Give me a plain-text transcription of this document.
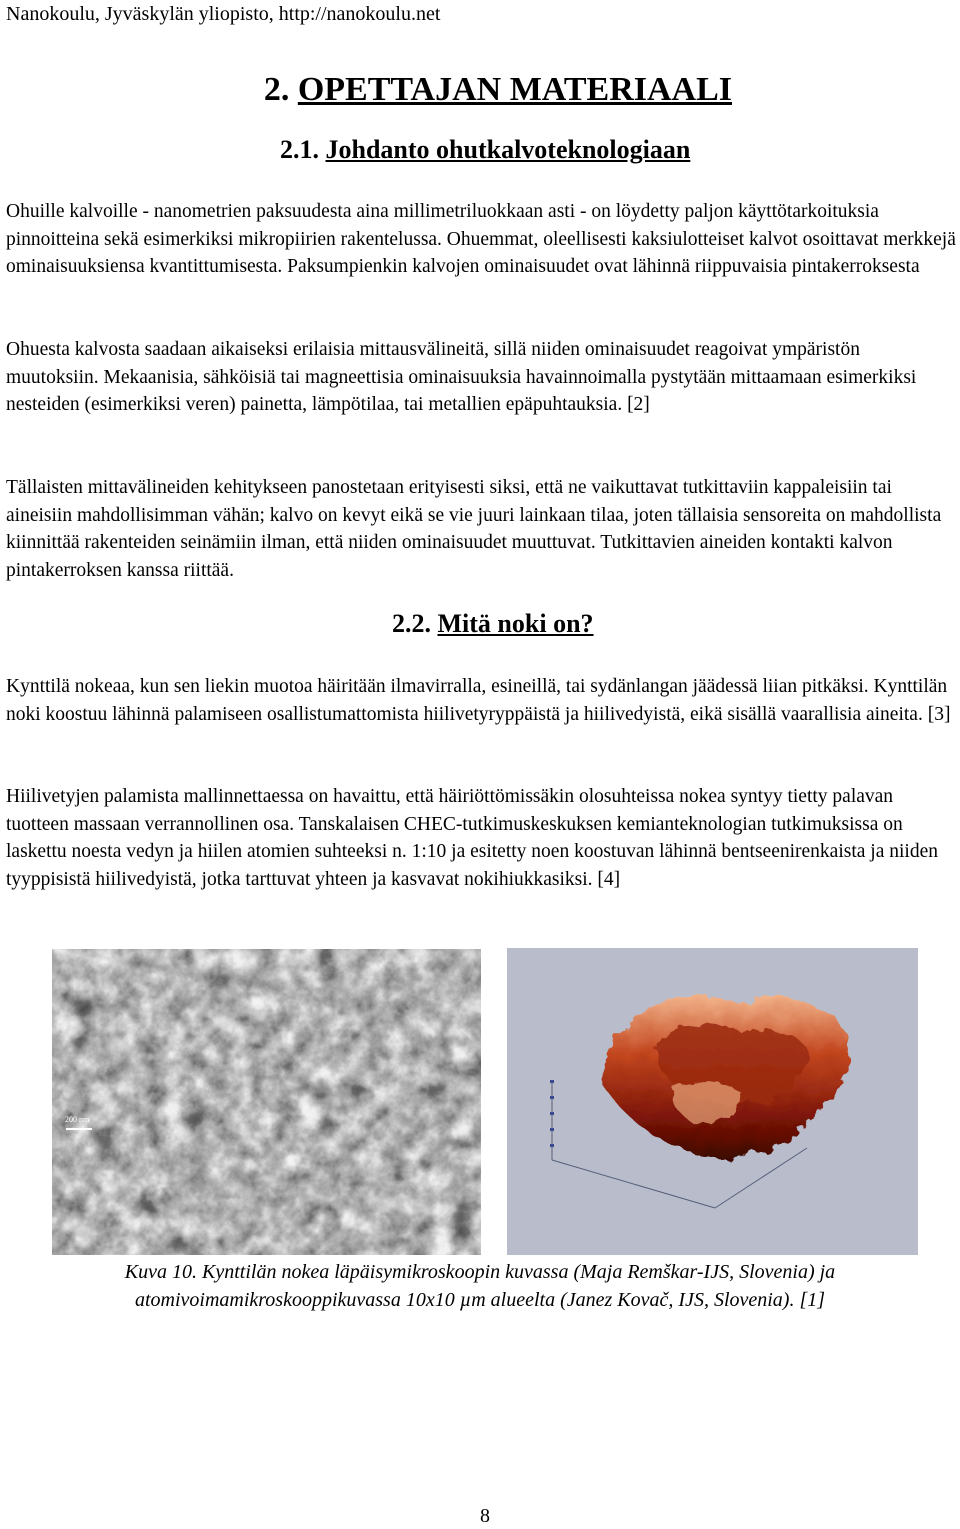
Nanokoulu, Jyväskylän yliopisto, http://nanokoulu.net
2. OPETTAJAN MATERIAALI
2.1. Johdanto ohutkalvoteknologiaan

Ohuille kalvoille - nanometrien paksuudesta aina millimetriluokkaan asti - on löydetty paljon käyttötarkoituksia pinnoitteina sekä esimerkiksi mikropiirien rakentelussa. Ohuemmat, oleellisesti kaksiulotteiset kalvot osoittavat merkkejä ominaisuuksiensa kvantittumisesta. Paksumpienkin kalvojen ominaisuudet ovat lähinnä riippuvaisia pintakerroksesta

Ohuesta kalvosta saadaan aikaiseksi erilaisia mittausvälineitä, sillä niiden ominaisuudet reagoivat ympäristön muutoksiin. Mekaanisia, sähköisiä tai magneettisia ominaisuuksia havainnoimalla pystytään mittaamaan esimerkiksi nesteiden (esimerkiksi veren) painetta, lämpötilaa, tai metallien epäpuhtauksia. [2]

Tällaisten mittavälineiden kehitykseen panostetaan erityisesti siksi, että ne vaikuttavat tutkittaviin kappaleisiin tai aineisiin mahdollisimman vähän; kalvo on kevyt eikä se vie juuri lainkaan tilaa, joten tällaisia sensoreita on mahdollista kiinnittää rakenteiden seinämiin ilman, että niiden ominaisuudet muuttuvat. Tutkittavien aineiden kontakti kalvon pintakerroksen kanssa riittää.

2.2. Mitä noki on?

Kynttilä nokeaa, kun sen liekin muotoa häiritään ilmavirralla, esineillä, tai sydänlangan jäädessä liian pitkäksi. Kynttilän noki koostuu lähinnä palamiseen osallistumattomista hiilivetyryppäistä ja hiilivedyistä, eikä sisällä vaarallisia aineita. [3]

Hiilivetyjen palamista mallinnettaessa on havaittu, että häiriöttömissäkin olosuhteissa nokea syntyy tietty palavan tuotteen massaan verrannollinen osa. Tanskalaisen CHEC-tutkimuskeskuksen kemianteknologian tutkimuksissa on laskettu noesta vedyn ja hiilen atomien suhteeksi n. 1:10 ja esitetty noen koostuvan lähinnä bentseenirenkaista ja niiden tyyppisistä hiilivedyistä, jotka tarttuvat yhteen ja kasvavat nokihiukkasiksi. [4]

200 nm
Kuva 10. Kynttilän nokea läpäisymikroskoopin kuvassa (Maja Remškar-IJS, Slovenia) ja
atomivoimamikroskooppikuvassa 10x10 µm alueelta (Janez Kovač, IJS, Slovenia). [1]
8
